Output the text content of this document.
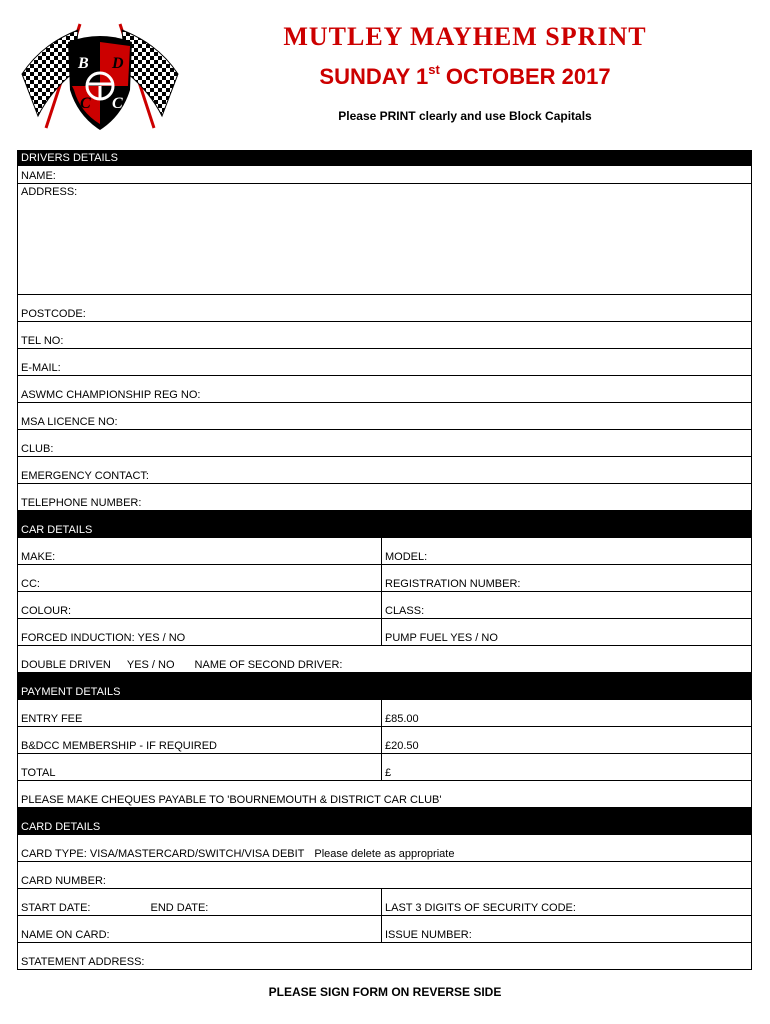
B D
C C
MUTLEY MAYHEM SPRINT
SUNDAY 1st OCTOBER 2017
Please PRINT clearly and use Block Capitals

DRIVERS DETAILS	
NAME:	
ADDRESS:	
POSTCODE:	
TEL NO:	
E-MAIL:	
ASWMC CHAMPIONSHIP REG NO:	
MSA LICENCE NO:	
CLUB:	
EMERGENCY CONTACT:	
TELEPHONE NUMBER:	
CAR DETAILS	
MAKE:	MODEL:
CC:	REGISTRATION NUMBER:
COLOUR:	CLASS:
FORCED INDUCTION: YES / NO	PUMP FUEL YES / NO
DOUBLE DRIVEN YES / NO NAME OF SECOND DRIVER:	
PAYMENT DETAILS	
ENTRY FEE	£85.00
B&DCC MEMBERSHIP - IF REQUIRED	£20.50
TOTAL	£
PLEASE MAKE CHEQUES PAYABLE TO 'BOURNEMOUTH & DISTRICT CAR CLUB'	
CARD DETAILS	
CARD TYPE: VISA/MASTERCARD/SWITCH/VISA DEBIT Please delete as appropriate	
CARD NUMBER:	
START DATE: END DATE:	LAST 3 DIGITS OF SECURITY CODE:
NAME ON CARD:	ISSUE NUMBER:
STATEMENT ADDRESS:	
PLEASE SIGN FORM ON REVERSE SIDE
